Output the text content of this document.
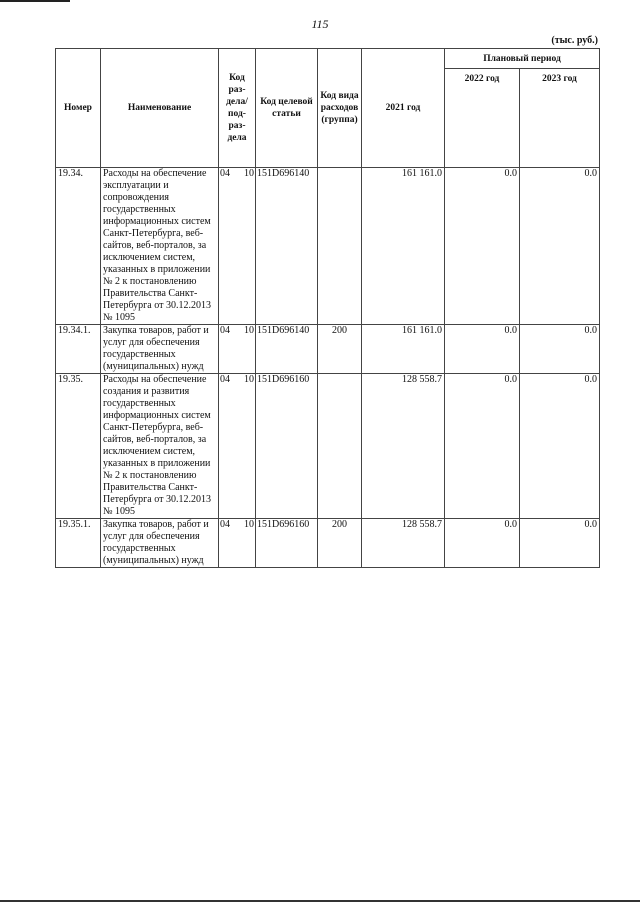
115
(тыс. руб.)
Номер	Наименование	Код раз-дела/ под-раз-дела	Код целевой статьи	Код вида расходов (группа)	2021 год	Плановый период	
						2022 год	2023 год
19.34.	Расходы на обеспечение эксплуатации и сопровождения государственных информационных систем Санкт-Петербурга, веб-сайтов, веб-порталов, за исключением систем, указанных в приложении № 2 к постановлению Правительства Санкт-Петербурга от 30.12.2013 № 1095	04 10	151D696140		161 161.0	0.0	0.0
19.34.1.	Закупка товаров, работ и услуг для обеспечения государственных (муниципальных) нужд	04 10	151D696140	200	161 161.0	0.0	0.0
19.35.	Расходы на обеспечение создания и развития государственных информационных систем Санкт-Петербурга, веб-сайтов, веб-порталов, за исключением систем, указанных в приложении № 2 к постановлению Правительства Санкт-Петербурга от 30.12.2013 № 1095	04 10	151D696160		128 558.7	0.0	0.0
19.35.1.	Закупка товаров, работ и услуг для обеспечения государственных (муниципальных) нужд	04 10	151D696160	200	128 558.7	0.0	0.0
